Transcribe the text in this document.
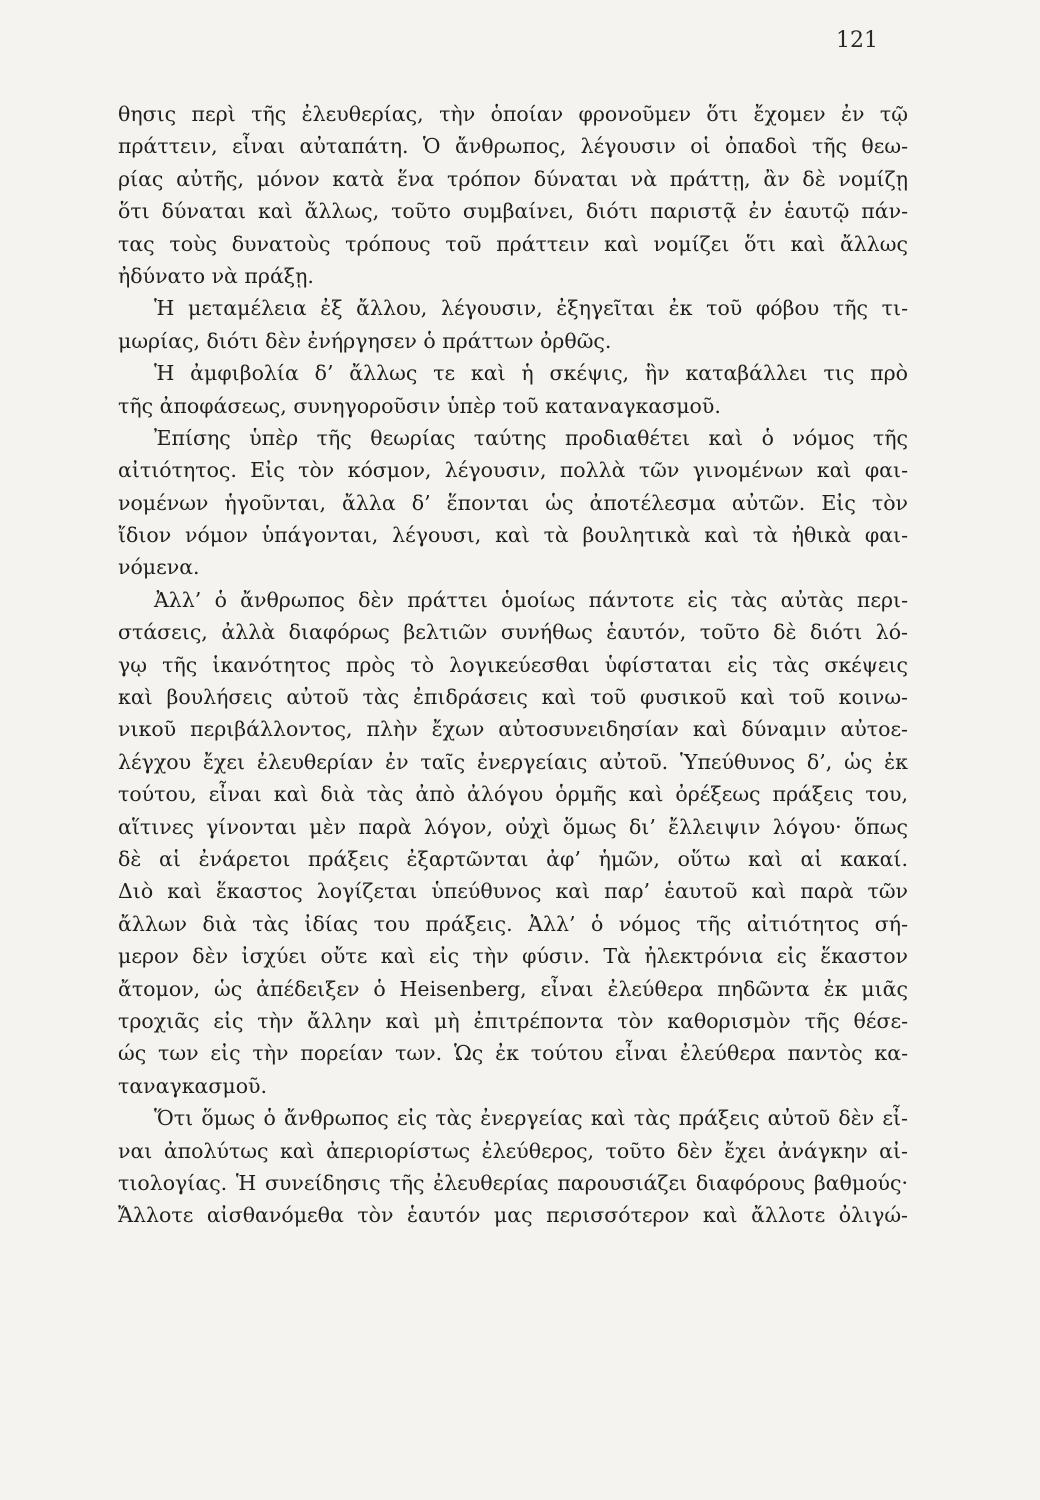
121
θησις περὶ τῆς ἐλευθερίας, τὴν ὁποίαν φρονοῦμεν ὅτι ἔχομεν ἐν τῷ
πράττειν, εἶναι αὐταπάτη. Ὁ ἄνθρωπος, λέγουσιν οἱ ὀπαδοὶ τῆς θεω-
ρίας αὐτῆς, μόνον κατὰ ἕνα τρόπον δύναται νὰ πράττῃ, ἂν δὲ νομίζῃ
ὅτι δύναται καὶ ἄλλως, τοῦτο συμβαίνει, διότι παριστᾷ ἐν ἑαυτῷ πάν-
τας τοὺς δυνατοὺς τρόπους τοῦ πράττειν καὶ νομίζει ὅτι καὶ ἄλλως
ἠδύνατο νὰ πράξῃ.
Ἡ μεταμέλεια ἐξ ἄλλου, λέγουσιν, ἐξηγεῖται ἐκ τοῦ φόβου τῆς τι-
μωρίας, διότι δὲν ἐνήργησεν ὁ πράττων ὀρθῶς.
Ἡ ἀμφιβολία δ’ ἄλλως τε καὶ ἡ σκέψις, ἣν καταβάλλει τις πρὸ
τῆς ἀποφάσεως, συνηγοροῦσιν ὑπὲρ τοῦ καταναγκασμοῦ.
Ἐπίσης ὑπὲρ τῆς θεωρίας ταύτης προδιαθέτει καὶ ὁ νόμος τῆς
αἰτιότητος. Εἰς τὸν κόσμον, λέγουσιν, πολλὰ τῶν γινομένων καὶ φαι-
νομένων ἡγοῦνται, ἄλλα δ’ ἕπονται ὡς ἀποτέλεσμα αὐτῶν. Εἰς τὸν
ἴδιον νόμον ὑπάγονται, λέγουσι, καὶ τὰ βουλητικὰ καὶ τὰ ἠθικὰ φαι-
νόμενα.
Ἀλλ’ ὁ ἄνθρωπος δὲν πράττει ὁμοίως πάντοτε εἰς τὰς αὐτὰς περι-
στάσεις, ἀλλὰ διαφόρως βελτιῶν συνήθως ἑαυτόν, τοῦτο δὲ διότι λό-
γῳ τῆς ἱκανότητος πρὸς τὸ λογικεύεσθαι ὑφίσταται εἰς τὰς σκέψεις
καὶ βουλήσεις αὐτοῦ τὰς ἐπιδράσεις καὶ τοῦ φυσικοῦ καὶ τοῦ κοινω-
νικοῦ περιβάλλοντος, πλὴν ἔχων αὐτοσυνειδησίαν καὶ δύναμιν αὐτοε-
λέγχου ἔχει ἐλευθερίαν ἐν ταῖς ἐνεργείαις αὐτοῦ. Ὑπεύθυνος δ’, ὡς ἐκ
τούτου, εἶναι καὶ διὰ τὰς ἀπὸ ἀλόγου ὁρμῆς καὶ ὀρέξεως πράξεις του,
αἵτινες γίνονται μὲν παρὰ λόγον, οὐχὶ ὅμως δι’ ἔλλειψιν λόγου· ὅπως
δὲ αἱ ἐνάρετοι πράξεις ἐξαρτῶνται ἀφ’ ἡμῶν, οὕτω καὶ αἱ κακαί.
Διὸ καὶ ἕκαστος λογίζεται ὑπεύθυνος καὶ παρ’ ἑαυτοῦ καὶ παρὰ τῶν
ἄλλων διὰ τὰς ἰδίας του πράξεις. Ἀλλ’ ὁ νόμος τῆς αἰτιότητος σή-
μερον δὲν ἰσχύει οὔτε καὶ εἰς τὴν φύσιν. Τὰ ἠλεκτρόνια εἰς ἕκαστον
ἄτομον, ὡς ἀπέδειξεν ὁ Heisenberg, εἶναι ἐλεύθερα πηδῶντα ἐκ μιᾶς
τροχιᾶς εἰς τὴν ἄλλην καὶ μὴ ἐπιτρέποντα τὸν καθορισμὸν τῆς θέσε-
ώς των εἰς τὴν πορείαν των. Ὡς ἐκ τούτου εἶναι ἐλεύθερα παντὸς κα-
ταναγκασμοῦ.
Ὅτι ὅμως ὁ ἄνθρωπος εἰς τὰς ἐνεργείας καὶ τὰς πράξεις αὐτοῦ δὲν εἶ-
ναι ἀπολύτως καὶ ἀπεριορίστως ἐλεύθερος, τοῦτο δὲν ἔχει ἀνάγκην αἰ-
τιολογίας. Ἡ συνείδησις τῆς ἐλευθερίας παρουσιάζει διαφόρους βαθμούς·
Ἄλλοτε αἰσθανόμεθα τὸν ἑαυτόν μας περισσότερον καὶ ἄλλοτε ὀλιγώ-
